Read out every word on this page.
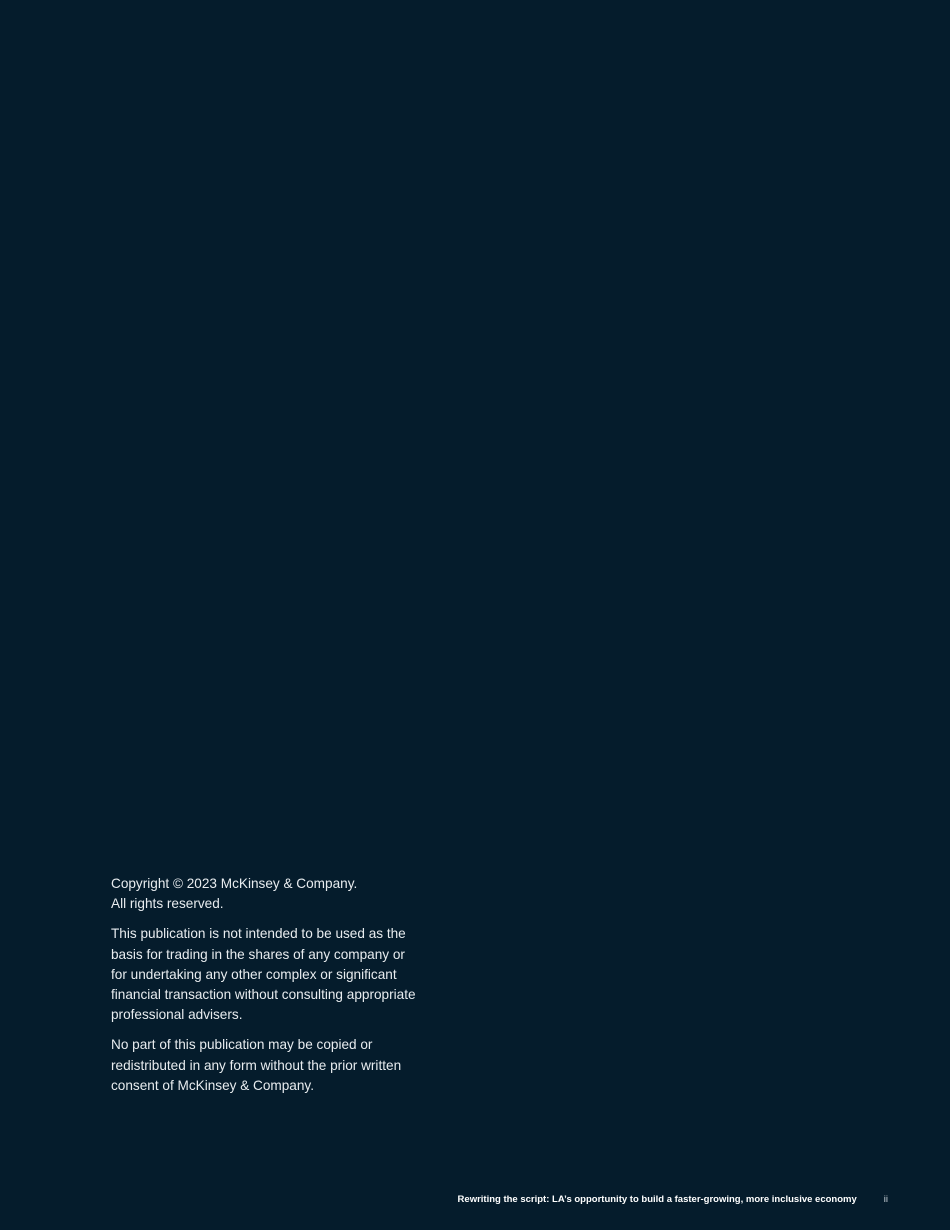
Copyright © 2023 McKinsey & Company.
All rights reserved.

This publication is not intended to be used as the
basis for trading in the shares of any company or
for undertaking any other complex or significant
financial transaction without consulting appropriate
professional advisers.

No part of this publication may be copied or
redistributed in any form without the prior written
consent of McKinsey & Company.

Rewriting the script: LA’s opportunity to build a faster-growing, more inclusive economy	ii
